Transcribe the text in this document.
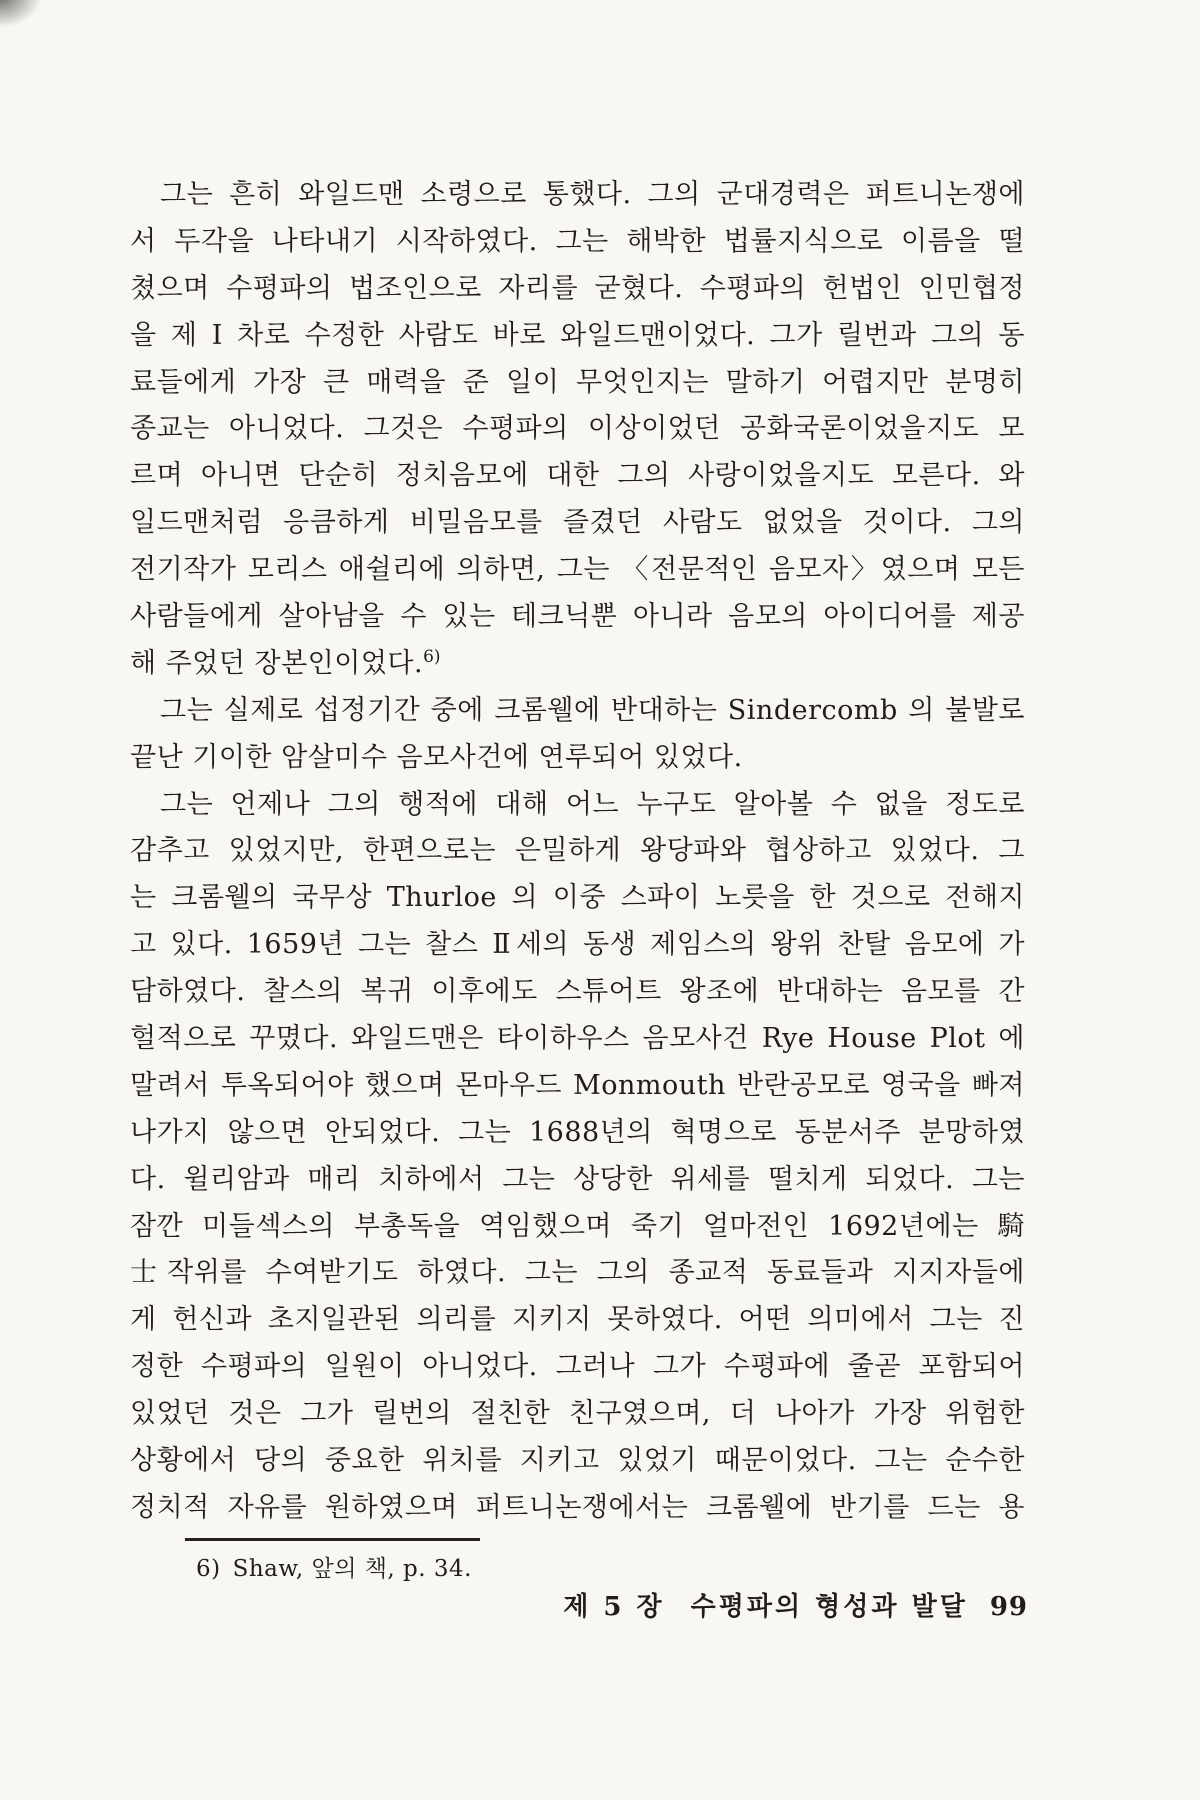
그는 흔히 와일드맨 소령으로 통했다. 그의 군대경력은 퍼트니논쟁에
서 두각을 나타내기 시작하였다. 그는 해박한 법률지식으로 이름을 떨
쳤으며 수평파의 법조인으로 자리를 굳혔다. 수평파의 헌법인 인민협정
을 제 I 차로 수정한 사람도 바로 와일드맨이었다. 그가 릴번과 그의 동
료들에게 가장 큰 매력을 준 일이 무엇인지는 말하기 어렵지만 분명히
종교는 아니었다. 그것은 수평파의 이상이었던 공화국론이었을지도 모
르며 아니면 단순히 정치음모에 대한 그의 사랑이었을지도 모른다. 와
일드맨처럼 응큼하게 비밀음모를 즐겼던 사람도 없었을 것이다. 그의
전기작가 모리스 애쉴리에 의하면, 그는 〈전문적인 음모자〉였으며 모든
사람들에게 살아남을 수 있는 테크닉뿐 아니라 음모의 아이디어를 제공
해 주었던 장본인이었다.$^{6)}$
그는 실제로 섭정기간 중에 크롬웰에 반대하는 Sindercomb 의 불발로
끝난 기이한 암살미수 음모사건에 연루되어 있었다.
그는 언제나 그의 행적에 대해 어느 누구도 알아볼 수 없을 정도로
감추고 있었지만, 한편으로는 은밀하게 왕당파와 협상하고 있었다. 그
는 크롬웰의 국무상 Thurloe 의 이중 스파이 노릇을 한 것으로 전해지
고 있다. 1659년 그는 찰스 Ⅱ세의 동생 제임스의 왕위 찬탈 음모에 가
담하였다. 찰스의 복귀 이후에도 스튜어트 왕조에 반대하는 음모를 간
헐적으로 꾸몄다. 와일드맨은 타이하우스 음모사건 Rye House Plot 에
말려서 투옥되어야 했으며 몬마우드 Monmouth 반란공모로 영국을 빠져
나가지 않으면 안되었다. 그는 1688년의 혁명으로 동분서주 분망하였
다. 윌리암과 매리 치하에서 그는 상당한 위세를 떨치게 되었다. 그는
잠깐 미들섹스의 부총독을 역임했으며 죽기 얼마전인 1692년에는 騎
士작위를 수여받기도 하였다. 그는 그의 종교적 동료들과 지지자들에
게 헌신과 초지일관된 의리를 지키지 못하였다. 어떤 의미에서 그는 진
정한 수평파의 일원이 아니었다. 그러나 그가 수평파에 줄곧 포함되어
있었던 것은 그가 릴번의 절친한 친구였으며, 더 나아가 가장 위험한
상황에서 당의 중요한 위치를 지키고 있었기 때문이었다. 그는 순수한
정치적 자유를 원하였으며 퍼트니논쟁에서는 크롬웰에 반기를 드는 용
6) Shaw, 앞의 책, p. 34.
제 5 장 수평파의 형성과 발달 99
